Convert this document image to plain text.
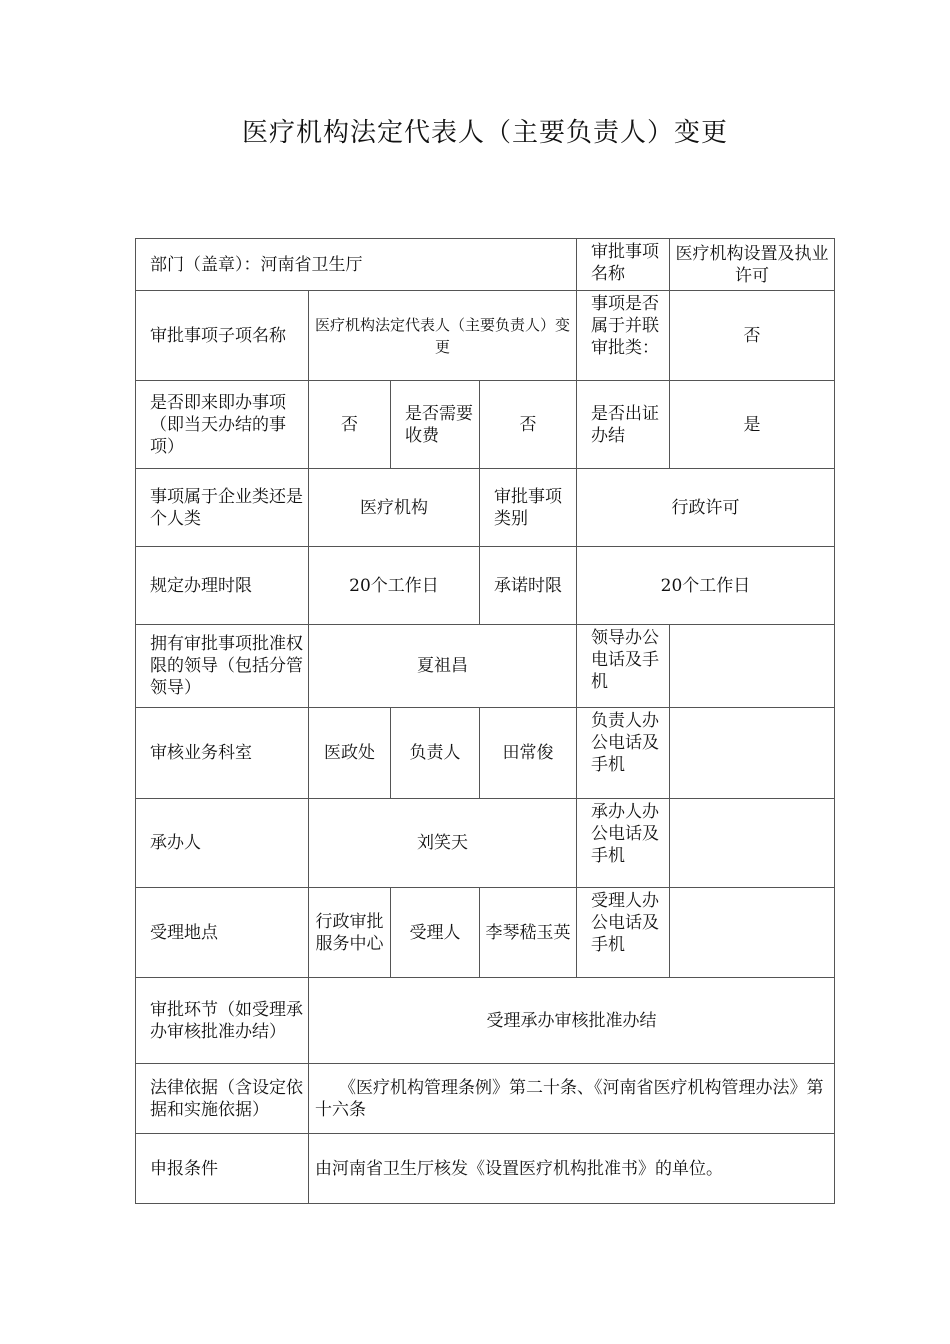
医疗机构法定代表人（主要负责人）变更
部门（盖章）：河南省卫生厅				审批事项名称	医疗机构设置及执业许可
审批事项子项名称	医疗机构法定代表人（主要负责人）变更			事项是否属于并联审批类：	否
是否即来即办事项（即当天办结的事项）	否	是否需要收费	否	是否出证办结	是
事项属于企业类还是个人类	医疗机构		审批事项类别	行政许可	
规定办理时限	20个工作日		承诺时限	20个工作日	
拥有审批事项批准权限的领导（包括分管领导）	夏祖昌			领导办公电话及手机	
审核业务科室	医政处	负责人	田常俊	负责人办公电话及手机	
承办人	刘笑天			承办人办公电话及手机	
受理地点	行政审批服务中心	受理人	李琴嵇玉英	受理人办公电话及手机	
审批环节（如受理承办审核批准办结）	受理承办审核批准办结				
法律依据（含设定依据和实施依据）	《医疗机构管理条例》第二十条、《河南省医疗机构管理办法》第十六条				
申报条件	由河南省卫生厅核发《设置医疗机构批准书》的单位。				
